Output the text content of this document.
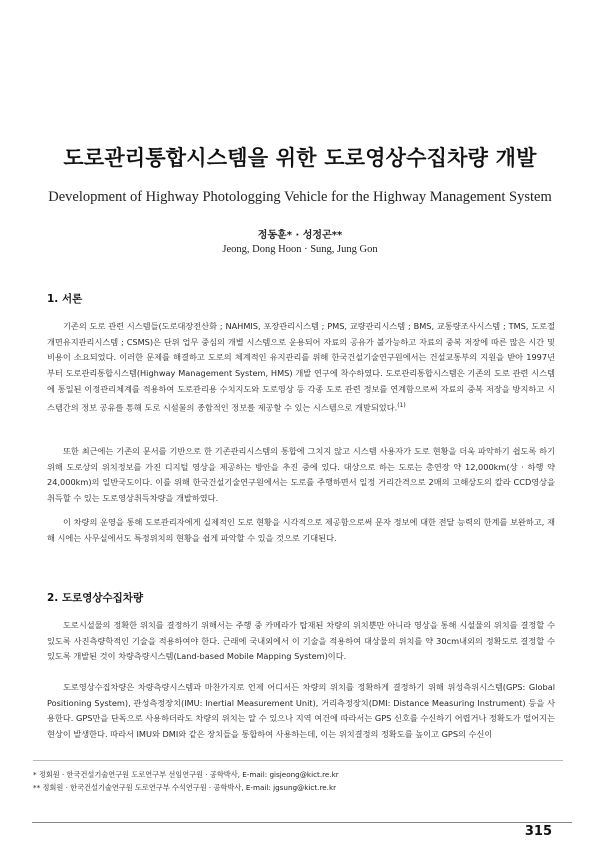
도로관리통합시스템을 위한 도로영상수집차량 개발
Development of Highway Photologging Vehicle for the Highway Management System
정동훈* · 성정곤**
Jeong, Dong Hoon · Sung, Jung Gon
1. 서론

기존의 도로 관련 시스템들(도로대장전산화 ; NAHMIS, 포장관리시스템 ; PMS, 교량관리시스템 ; BMS, 교통량조사시스템 ; TMS, 도로절개면유지관리시스템 ; CSMS)은 단위 업무 중심의 개별 시스템으로 운용되어 자료의 공유가 불가능하고 자료의 중복 저장에 따른 많은 시간 및 비용이 소요되었다. 이러한 문제를 해결하고 도로의 체계적인 유지관리를 위해 한국건설기술연구원에서는 건설교통부의 지원을 받아 1997년부터 도로관리통합시스템(Highway Management System, HMS) 개발 연구에 착수하였다. 도로관리통합시스템은 기존의 도로 관련 시스템에 통일된 이정관리체계를 적용하여 도로관리용 수치지도와 도로영상 등 각종 도로 관련 정보를 연계함으로써 자료의 중복 저장을 방지하고 시스템간의 정보 공유를 통해 도로 시설물의 종합적인 정보를 제공할 수 있는 시스템으로 개발되었다.$^{(1)}$

또한 최근에는 기존의 문서를 기반으로 한 기존관리시스템의 통합에 그치지 않고 시스템 사용자가 도로 현황을 더욱 파악하기 쉽도록 하기 위해 도로상의 위치정보를 가진 디지털 영상을 제공하는 방안을 추진 중에 있다. 대상으로 하는 도로는 총연장 약 12,000km(상 · 하행 약 24,000km)의 일반국도이다. 이를 위해 한국건설기술연구원에서는 도로를 주행하면서 일정 거리간격으로 2매의 고해상도의 칼라 CCD영상을 취득할 수 있는 도로영상취득차량을 개발하였다.

이 차량의 운영을 통해 도로관리자에게 실제적인 도로 현황을 시각적으로 제공함으로써 문자 정보에 대한 전달 능력의 한계를 보완하고, 재해 시에는 사무실에서도 특정위치의 현황을 쉽게 파악할 수 있을 것으로 기대된다.

2. 도로영상수집차량

도로시설물의 정확한 위치를 결정하기 위해서는 주행 중 카메라가 탑재된 차량의 위치뿐만 아니라 영상을 통해 시설물의 위치를 결정할 수 있도록 사진측량학적인 기술을 적용하여야 한다. 근래에 국내외에서 이 기술을 적용하여 대상물의 위치를 약 30cm내외의 정확도로 결정할 수 있도록 개발된 것이 차량측량시스템(Land-based Mobile Mapping System)이다.

도로영상수집차량은 차량측량시스템과 마찬가지로 언제 어디서든 차량의 위치를 정확하게 결정하기 위해 위성측위시스템(GPS: Global Positioning System), 관성측정장치(IMU: Inertial Measurement Unit), 거리측정장치(DMI: Distance Measuring Instrument) 등을 사용한다. GPS만을 단독으로 사용하더라도 차량의 위치는 알 수 있으나 지역 여건에 따라서는 GPS 신호를 수신하기 어렵거나 정확도가 떨어지는 현상이 발생한다. 따라서 IMU와 DMI와 같은 장치들을 통합하여 사용하는데, 이는 위치결정의 정확도를 높이고 GPS의 수신이

* 정회원 · 한국건설기술연구원 도로연구부 선임연구원 · 공학박사, E-mail: gisjeong@kict.re.kr
** 정회원 · 한국건설기술연구원 도로연구부 수석연구원 · 공학박사, E-mail: jgsung@kict.re.kr
315
